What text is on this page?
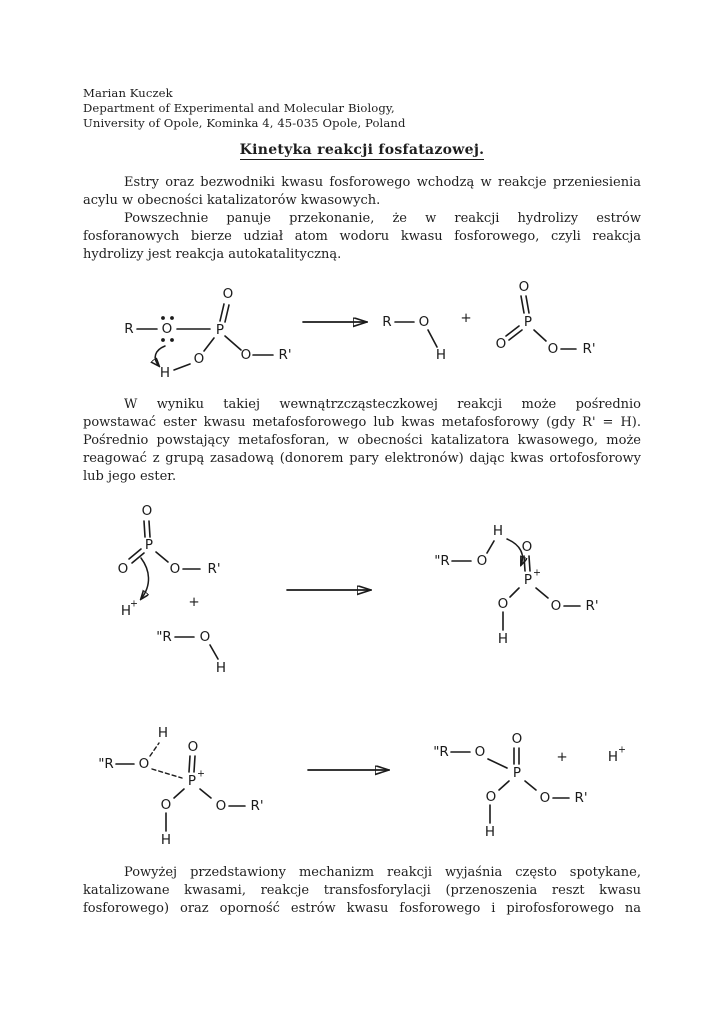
Marian Kuczek
Department of Experimental and Molecular Biology,
University of Opole, Kominka 4, 45-035 Opole, Poland
Kinetyka reakcji fosfatazowej.
Estry oraz bezwodniki kwasu fosforowego wchodzą w reakcje przeniesienia
acylu w obecności katalizatorów kwasowych.
Powszechnie panuje przekonanie, że w reakcji hydrolizy estrów
fosforanowych bierze udział atom wodoru kwasu fosforowego, czyli reakcja
hydrolizy jest reakcja autokatalityczną.
R O	P
O
O
H
O R'
R O
H
+
O
P
O	O R'
W wyniku takiej wewnątrzcząsteczkowej reakcji może pośrednio
powstawać ester kwasu metafosforowego lub kwas metafosforowy (gdy R' = H).
Pośrednio powstający metafosforan, w obecności katalizatora kwasowego, może
reagować z grupą zasadową (donorem pary elektronów) dając kwas ortofosforowy
lub jego ester.
O
P
O	O R'
H
+	+
"R O
H
H
"R O
O
P +
O
H
O R'
H
"R O
O
P +
O
H
O R'
"R O
O
P
O
H
O R'
+	H +
Powyżej przedstawiony mechanizm reakcji wyjaśnia często spotykane,
katalizowane kwasami, reakcje transfosforylacji (przenoszenia reszt kwasu
fosforowego) oraz oporność estrów kwasu fosforowego i pirofosforowego na
